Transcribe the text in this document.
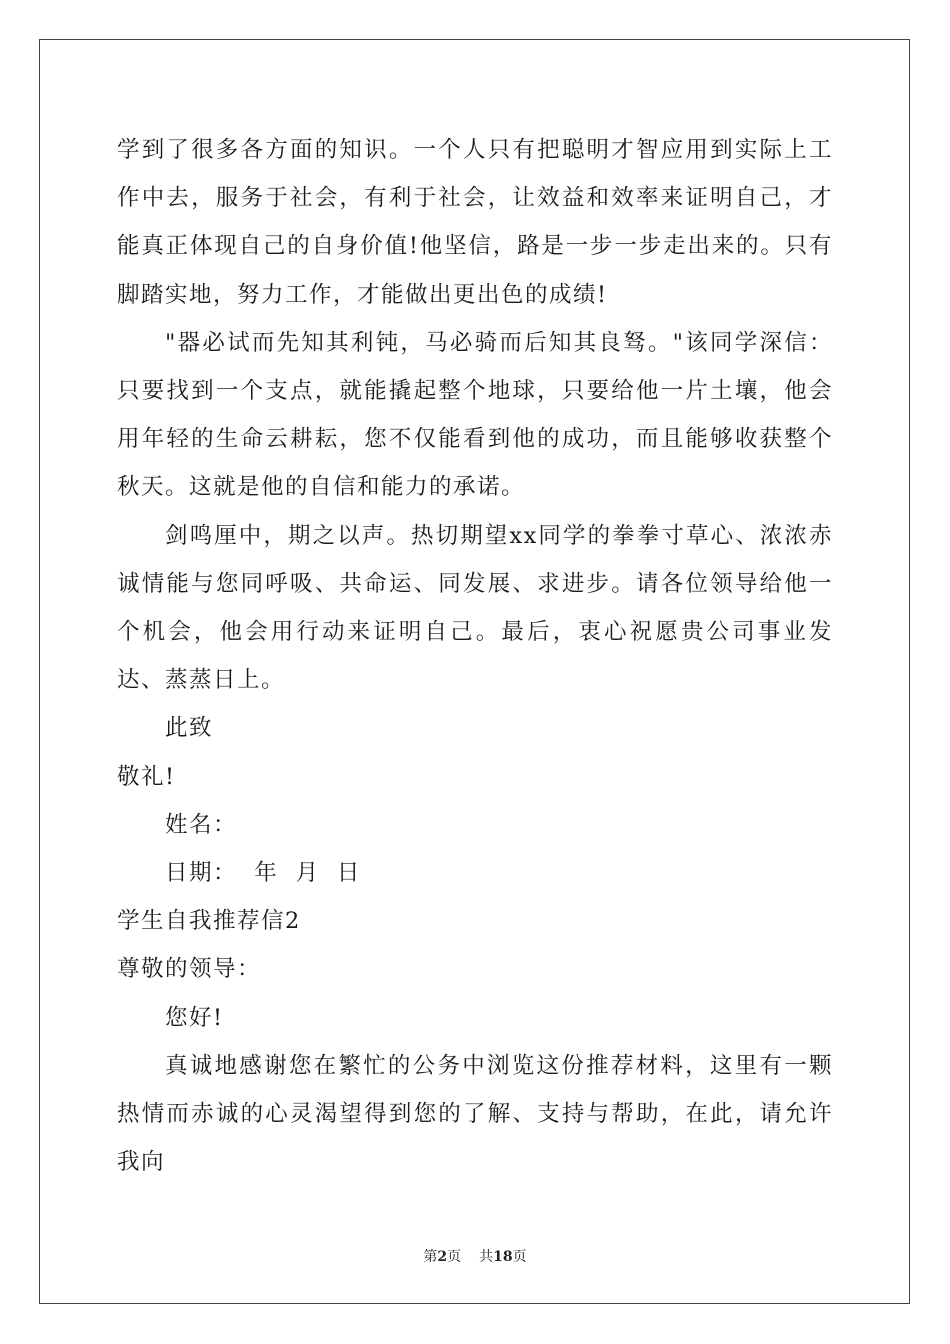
学到了很多各方面的知识。一个人只有把聪明才智应用到实际上工作中去，服务于社会，有利于社会，让效益和效率来证明自己，才能真正体现自己的自身价值!他坚信，路是一步一步走出来的。只有脚踏实地，努力工作，才能做出更出色的成绩!

"器必试而先知其利钝，马必骑而后知其良驽。"该同学深信：只要找到一个支点，就能撬起整个地球，只要给他一片土壤，他会用年轻的生命云耕耘，您不仅能看到他的成功，而且能够收获整个秋天。这就是他的自信和能力的承诺。

剑鸣厘中，期之以声。热切期望xx同学的拳拳寸草心、浓浓赤诚情能与您同呼吸、共命运、同发展、求进步。请各位领导给他一个机会，他会用行动来证明自己。最后，衷心祝愿贵公司事业发达、蒸蒸日上。

此致

敬礼!

姓名：

日期：  年  月  日

学生自我推荐信2

尊敬的领导：

您好!

真诚地感谢您在繁忙的公务中浏览这份推荐材料，这里有一颗热情而赤诚的心灵渴望得到您的了解、支持与帮助，在此，请允许我向

第2页 共18页
